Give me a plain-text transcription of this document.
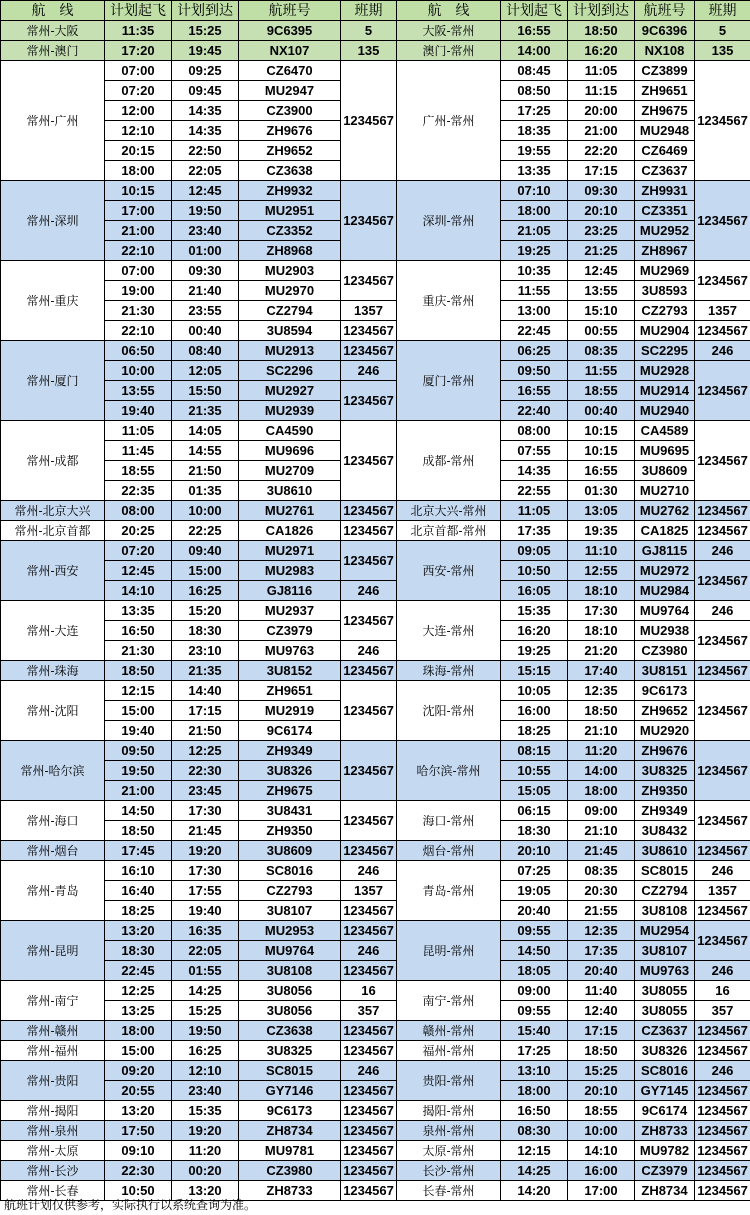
航　线	计划起飞	计划到达	航班号	班期	航　线	计划起飞	计划到达	航班号	班期
常州-大阪	11:35	15:25	9C6395	5	大阪-常州	16:55	18:50	9C6396	5
常州-澳门	17:20	19:45	NX107	135	澳门-常州	14:00	16:20	NX108	135
常州-广州	07:00	09:25	CZ6470	1234567	广州-常州	08:45	11:05	CZ3899	1234567
	07:20	09:45	MU2947			08:50	11:15	ZH9651	
	12:00	14:35	CZ3900			17:25	20:00	ZH9675	
	12:10	14:35	ZH9676			18:35	21:00	MU2948	
	20:15	22:50	ZH9652			19:55	22:20	CZ6469	
	18:00	22:05	CZ3638			13:35	17:15	CZ3637	
常州-深圳	10:15	12:45	ZH9932	1234567	深圳-常州	07:10	09:30	ZH9931	1234567
	17:00	19:50	MU2951			18:00	20:10	CZ3351	
	21:00	23:40	CZ3352			21:05	23:25	MU2952	
	22:10	01:00	ZH8968			19:25	21:25	ZH8967	
常州-重庆	07:00	09:30	MU2903	1234567	重庆-常州	10:35	12:45	MU2969	1234567
	19:00	21:40	MU2970			11:55	13:55	3U8593	
	21:30	23:55	CZ2794	1357		13:00	15:10	CZ2793	1357
	22:10	00:40	3U8594	1234567		22:45	00:55	MU2904	1234567
常州-厦门	06:50	08:40	MU2913	1234567	厦门-常州	06:25	08:35	SC2295	246
	10:00	12:05	SC2296	246		09:50	11:55	MU2928	1234567
	13:55	15:50	MU2927	1234567		16:55	18:55	MU2914	
	19:40	21:35	MU2939			22:40	00:40	MU2940	
常州-成都	11:05	14:05	CA4590	1234567	成都-常州	08:00	10:15	CA4589	1234567
	11:45	14:55	MU9696			07:55	10:15	MU9695	
	18:55	21:50	MU2709			14:35	16:55	3U8609	
	22:35	01:35	3U8610			22:55	01:30	MU2710	
常州-北京大兴	08:00	10:00	MU2761	1234567	北京大兴-常州	11:05	13:05	MU2762	1234567
常州-北京首都	20:25	22:25	CA1826	1234567	北京首都-常州	17:35	19:35	CA1825	1234567
常州-西安	07:20	09:40	MU2971	1234567	西安-常州	09:05	11:10	GJ8115	246
	12:45	15:00	MU2983			10:50	12:55	MU2972	1234567
	14:10	16:25	GJ8116	246		16:05	18:10	MU2984	
常州-大连	13:35	15:20	MU2937	1234567	大连-常州	15:35	17:30	MU9764	246
	16:50	18:30	CZ3979			16:20	18:10	MU2938	1234567
	21:30	23:10	MU9763	246		19:25	21:20	CZ3980	
常州-珠海	18:50	21:35	3U8152	1234567	珠海-常州	15:15	17:40	3U8151	1234567
常州-沈阳	12:15	14:40	ZH9651	1234567	沈阳-常州	10:05	12:35	9C6173	1234567
	15:00	17:15	MU2919			16:00	18:50	ZH9652	
	19:40	21:50	9C6174			18:25	21:10	MU2920	
常州-哈尔滨	09:50	12:25	ZH9349	1234567	哈尔滨-常州	08:15	11:20	ZH9676	1234567
	19:50	22:30	3U8326			10:55	14:00	3U8325	
	21:00	23:45	ZH9675			15:05	18:00	ZH9350	
常州-海口	14:50	17:30	3U8431	1234567	海口-常州	06:15	09:00	ZH9349	1234567
	18:50	21:45	ZH9350			18:30	21:10	3U8432	
常州-烟台	17:45	19:20	3U8609	1234567	烟台-常州	20:10	21:45	3U8610	1234567
常州-青岛	16:10	17:30	SC8016	246	青岛-常州	07:25	08:35	SC8015	246
	16:40	17:55	CZ2793	1357		19:05	20:30	CZ2794	1357
	18:25	19:40	3U8107	1234567		20:40	21:55	3U8108	1234567
常州-昆明	13:20	16:35	MU2953	1234567	昆明-常州	09:55	12:35	MU2954	1234567
	18:30	22:05	MU9764	246		14:50	17:35	3U8107	
	22:45	01:55	3U8108	1234567		18:05	20:40	MU9763	246
常州-南宁	12:25	14:25	3U8056	16	南宁-常州	09:00	11:40	3U8055	16
	13:25	15:25	3U8056	357		09:55	12:40	3U8055	357
常州-赣州	18:00	19:50	CZ3638	1234567	赣州-常州	15:40	17:15	CZ3637	1234567
常州-福州	15:00	16:25	3U8325	1234567	福州-常州	17:25	18:50	3U8326	1234567
常州-贵阳	09:20	12:10	SC8015	246	贵阳-常州	13:10	15:25	SC8016	246
	20:55	23:40	GY7146	1234567		18:00	20:10	GY7145	1234567
常州-揭阳	13:20	15:35	9C6173	1234567	揭阳-常州	16:50	18:55	9C6174	1234567
常州-泉州	17:50	19:20	ZH8734	1234567	泉州-常州	08:30	10:00	ZH8733	1234567
常州-太原	09:10	11:20	MU9781	1234567	太原-常州	12:15	14:10	MU9782	1234567
常州-长沙	22:30	00:20	CZ3980	1234567	长沙-常州	14:25	16:00	CZ3979	1234567
常州-长春	10:50	13:20	ZH8733	1234567	长春-常州	14:20	17:00	ZH8734	1234567
航班计划仅供参考，实际执行以系统查询为准。
